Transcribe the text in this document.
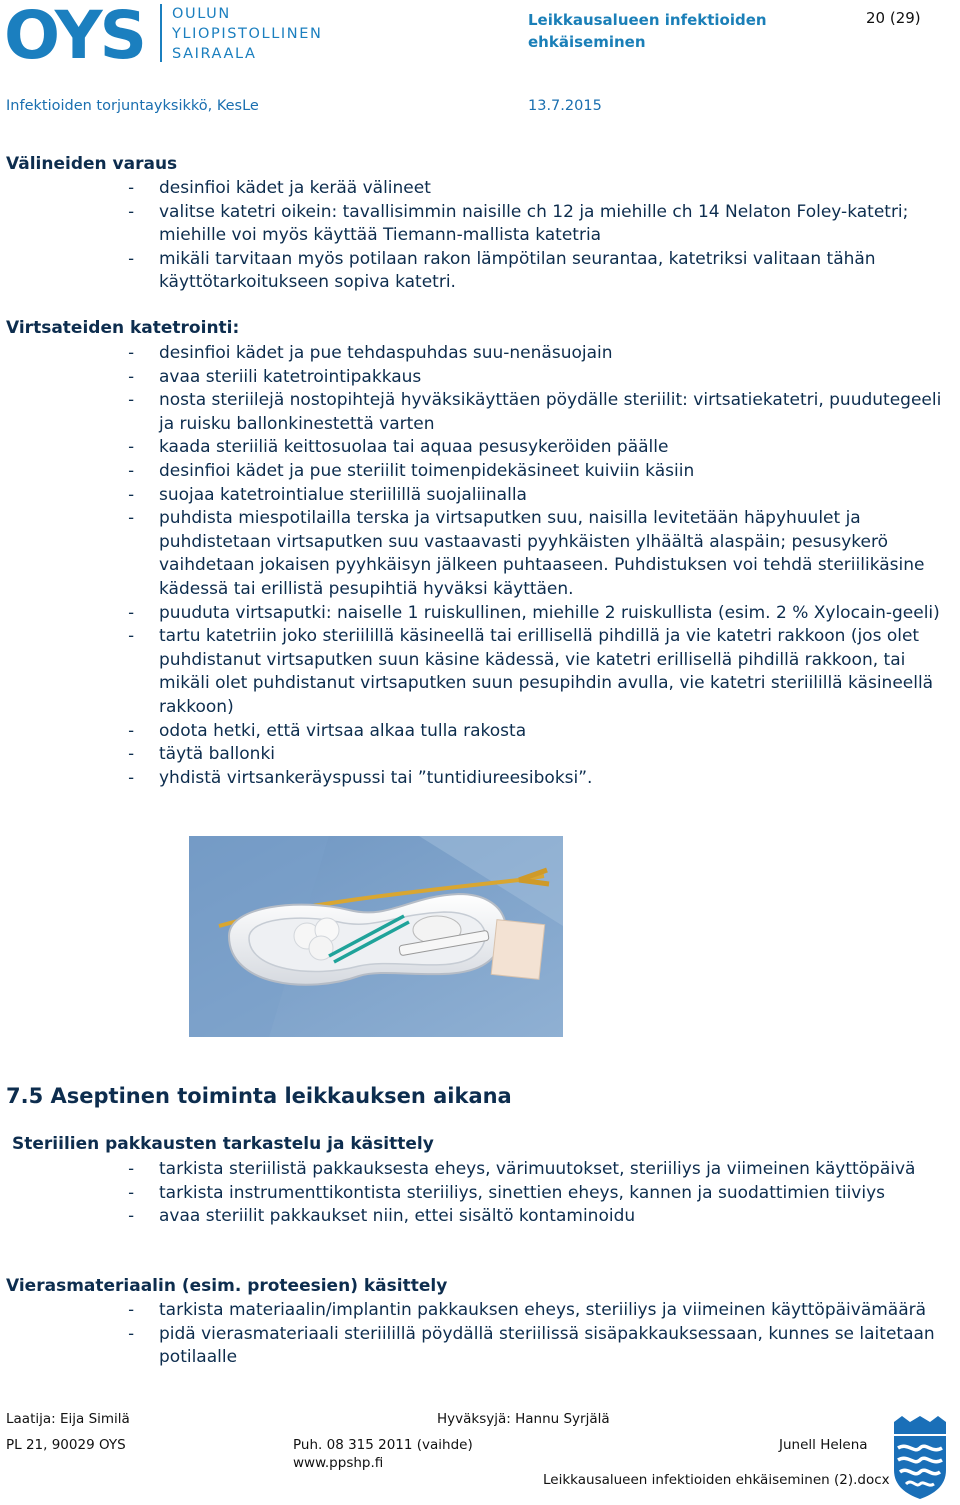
OYS OULUN
YLIOPISTOLLINEN
SAIRAALA
Leikkausalueen infektioiden ehkäiseminen
20 (29)
Infektioiden torjuntayksikkö, KesLe	13.7.2015
Välineiden varaus
- desinfioi kädet ja kerää välineet
- valitse katetri oikein: tavallisimmin naisille ch 12 ja miehille ch 14 Nelaton Foley-katetri; miehille voi myös käyttää Tiemann-mallista katetria
- mikäli tarvitaan myös potilaan rakon lämpötilan seurantaa, katetriksi valitaan tähän käyttötarkoitukseen sopiva katetri.
Virtsateiden katetrointi:
- desinfioi kädet ja pue tehdaspuhdas suu-nenäsuojain
- avaa steriili katetrointipakkaus
- nosta steriilejä nostopihtejä hyväksikäyttäen pöydälle steriilit: virtsatiekatetri, puudutegeeli ja ruisku ballonkinestettä varten
- kaada steriiliä keittosuolaa tai aquaa pesusykeröiden päälle
- desinfioi kädet ja pue steriilit toimenpidekäsineet kuiviin käsiin
- suojaa katetrointialue steriilillä suojaliinalla
- puhdista miespotilailla terska ja virtsaputken suu, naisilla levitetään häpyhuulet ja puhdistetaan virtsaputken suu vastaavasti pyyhkäisten ylhäältä alaspäin; pesusykerö vaihdetaan jokaisen pyyhkäisyn jälkeen puhtaaseen. Puhdistuksen voi tehdä steriilikäsine kädessä tai erillistä pesupihtiä hyväksi käyttäen.
- puuduta virtsaputki: naiselle 1 ruiskullinen, miehille 2 ruiskullista (esim. 2 % Xylocain-geeli)
- tartu katetriin joko steriilillä käsineellä tai erillisellä pihdillä ja vie katetri rakkoon (jos olet puhdistanut virtsaputken suun käsine kädessä, vie katetri erillisellä pihdillä rakkoon, tai mikäli olet puhdistanut virtsaputken suun pesupihdin avulla, vie katetri steriilillä käsineellä rakkoon)
- odota hetki, että virtsaa alkaa tulla rakosta
- täytä ballonki
- yhdistä virtsankeräyspussi tai ”tuntidiureesiboksi”.
7.5 Aseptinen toiminta leikkauksen aikana
Steriilien pakkausten tarkastelu ja käsittely
- tarkista steriilistä pakkauksesta eheys, värimuutokset, steriiliys ja viimeinen käyttöpäivä
- tarkista instrumenttikontista steriiliys, sinettien eheys, kannen ja suodattimien tiiviys
- avaa steriilit pakkaukset niin, ettei sisältö kontaminoidu
Vierasmateriaalin (esim. proteesien) käsittely
- tarkista materiaalin/implantin pakkauksen eheys, steriiliys ja viimeinen käyttöpäivämäärä
- pidä vierasmateriaali steriilillä pöydällä steriilissä sisäpakkauksessaan, kunnes se laitetaan potilaalle
Laatija: Eija Similä	Hyväksyjä: Hannu Syrjälä
PL 21, 90029 OYS	Puh. 08 315 2011 (vaihde)
www.ppshp.fi
Junell Helena
Leikkausalueen infektioiden ehkäiseminen (2).docx
